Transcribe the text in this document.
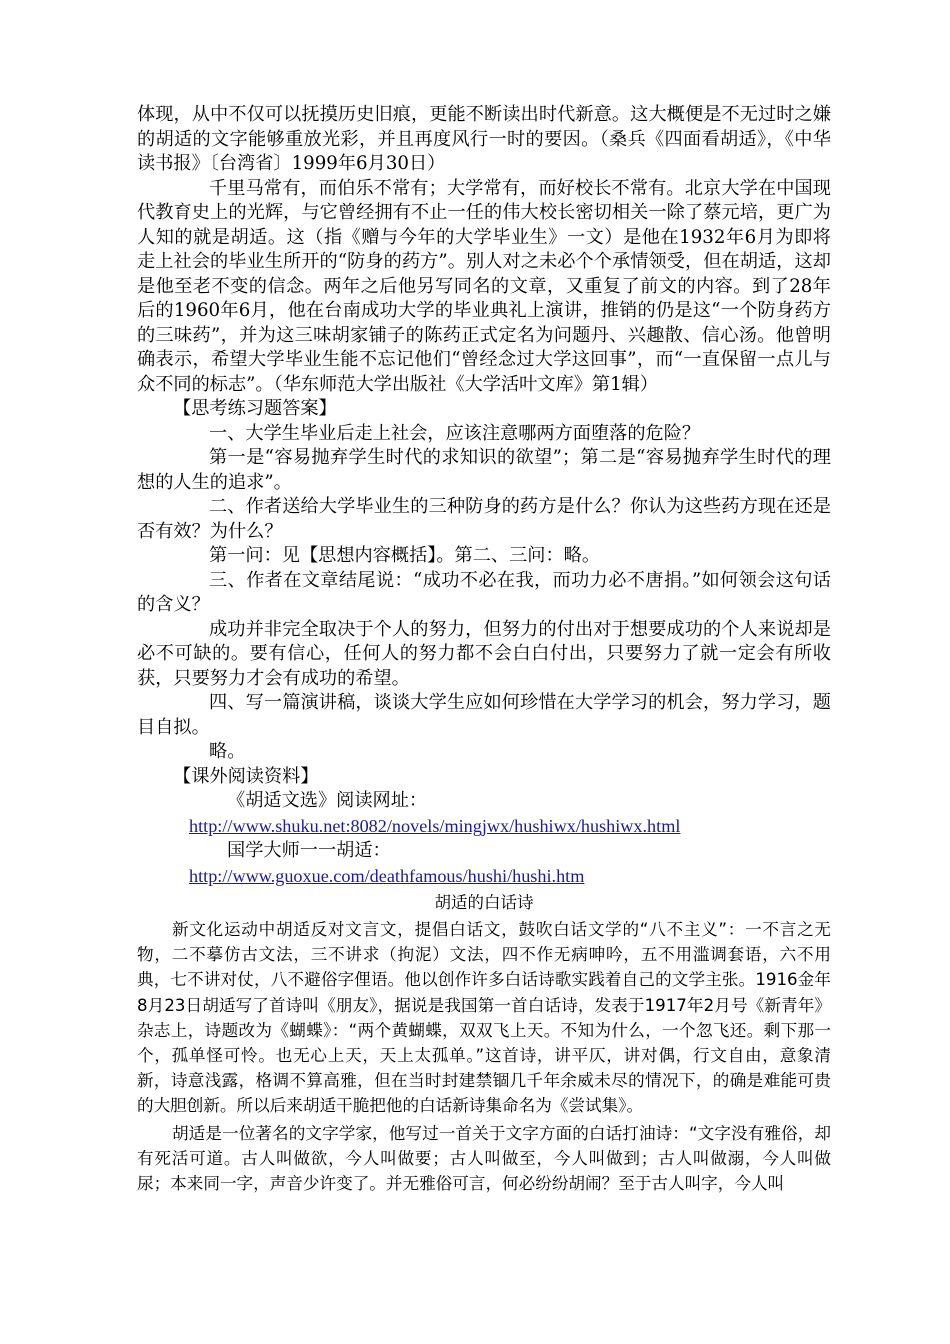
体现，从中不仅可以抚摸历史旧痕，更能不断读出时代新意。这大概便是不无过时之嫌的胡适的文字能够重放光彩，并且再度风行一时的要因。（桑兵《四面看胡适》，《中华读书报》〔台湾省〕1999年6月30日）

千里马常有，而伯乐不常有；大学常有，而好校长不常有。北京大学在中国现代教育史上的光辉，与它曾经拥有不止一任的伟大校长密切相关一除了蔡元培，更广为人知的就是胡适。这（指《赠与今年的大学毕业生》一文）是他在1932年6月为即将走上社会的毕业生所开的“防身的药方”。别人对之未必个个承情领受，但在胡适，这却是他至老不变的信念。两年之后他另写同名的文章，又重复了前文的内容。到了28年后的1960年6月，他在台南成功大学的毕业典礼上演讲，推销的仍是这“一个防身药方的三味药”，并为这三味胡家铺子的陈药正式定名为问题丹、兴趣散、信心汤。他曾明确表示，希望大学毕业生能不忘记他们“曾经念过大学这回事”，而“一直保留一点儿与众不同的标志”。（华东师范大学出版社《大学活叶文库》第1辑）

【思考练习题答案】

一、大学生毕业后走上社会，应该注意哪两方面堕落的危险？

第一是“容易抛弃学生时代的求知识的欲望”；第二是“容易抛弃学生时代的理想的人生的追求”。

二、作者送给大学毕业生的三种防身的药方是什么？你认为这些药方现在还是否有效？为什么？

第一问：见【思想内容概括】。第二、三问：略。

三、作者在文章结尾说：“成功不必在我，而功力必不唐捐。”如何领会这句话的含义？

成功并非完全取决于个人的努力，但努力的付出对于想要成功的个人来说却是必不可缺的。要有信心，任何人的努力都不会白白付出，只要努力了就一定会有所收获，只要努力才会有成功的希望。

四、写一篇演讲稿，谈谈大学生应如何珍惜在大学学习的机会，努力学习，题目自拟。

略。

【课外阅读资料】

《胡适文选》阅读网址：

http://www.shuku.net:8082/novels/mingjwx/hushiwx/hushiwx.html

国学大师一一胡适：

http://www.guoxue.com/deathfamous/hushi/hushi.htm

胡适的白话诗

新文化运动中胡适反对文言文，提倡白话文，鼓吹白话文学的“八不主义”：一不言之无物，二不摹仿古文法，三不讲求（拘泥）文法，四不作无病呻吟，五不用滥调套语，六不用典，七不讲对仗，八不避俗字俚语。他以创作许多白话诗歌实践着自己的文学主张。1916金年8月23日胡适写了首诗叫《朋友》，据说是我国第一首白话诗，发表于1917年2月号《新青年》杂志上，诗题改为《蝴蝶》：“两个黄蝴蝶，双双飞上天。不知为什么，一个忽飞还。剩下那一个，孤单怪可怜。也无心上天，天上太孤单。”这首诗，讲平仄，讲对偶，行文自由，意象清新，诗意浅露，格调不算高雅，但在当时封建禁锢几千年余威未尽的情况下，的确是难能可贵的大胆创新。所以后来胡适干脆把他的白话新诗集命名为《尝试集》。

胡适是一位著名的文字学家，他写过一首关于文字方面的白话打油诗：“文字没有雅俗，却有死活可道。古人叫做欲，今人叫做要；古人叫做至，今人叫做到；古人叫做溺，今人叫做尿；本来同一字，声音少许变了。并无雅俗可言，何必纷纷胡闹？至于古人叫字，今人叫
